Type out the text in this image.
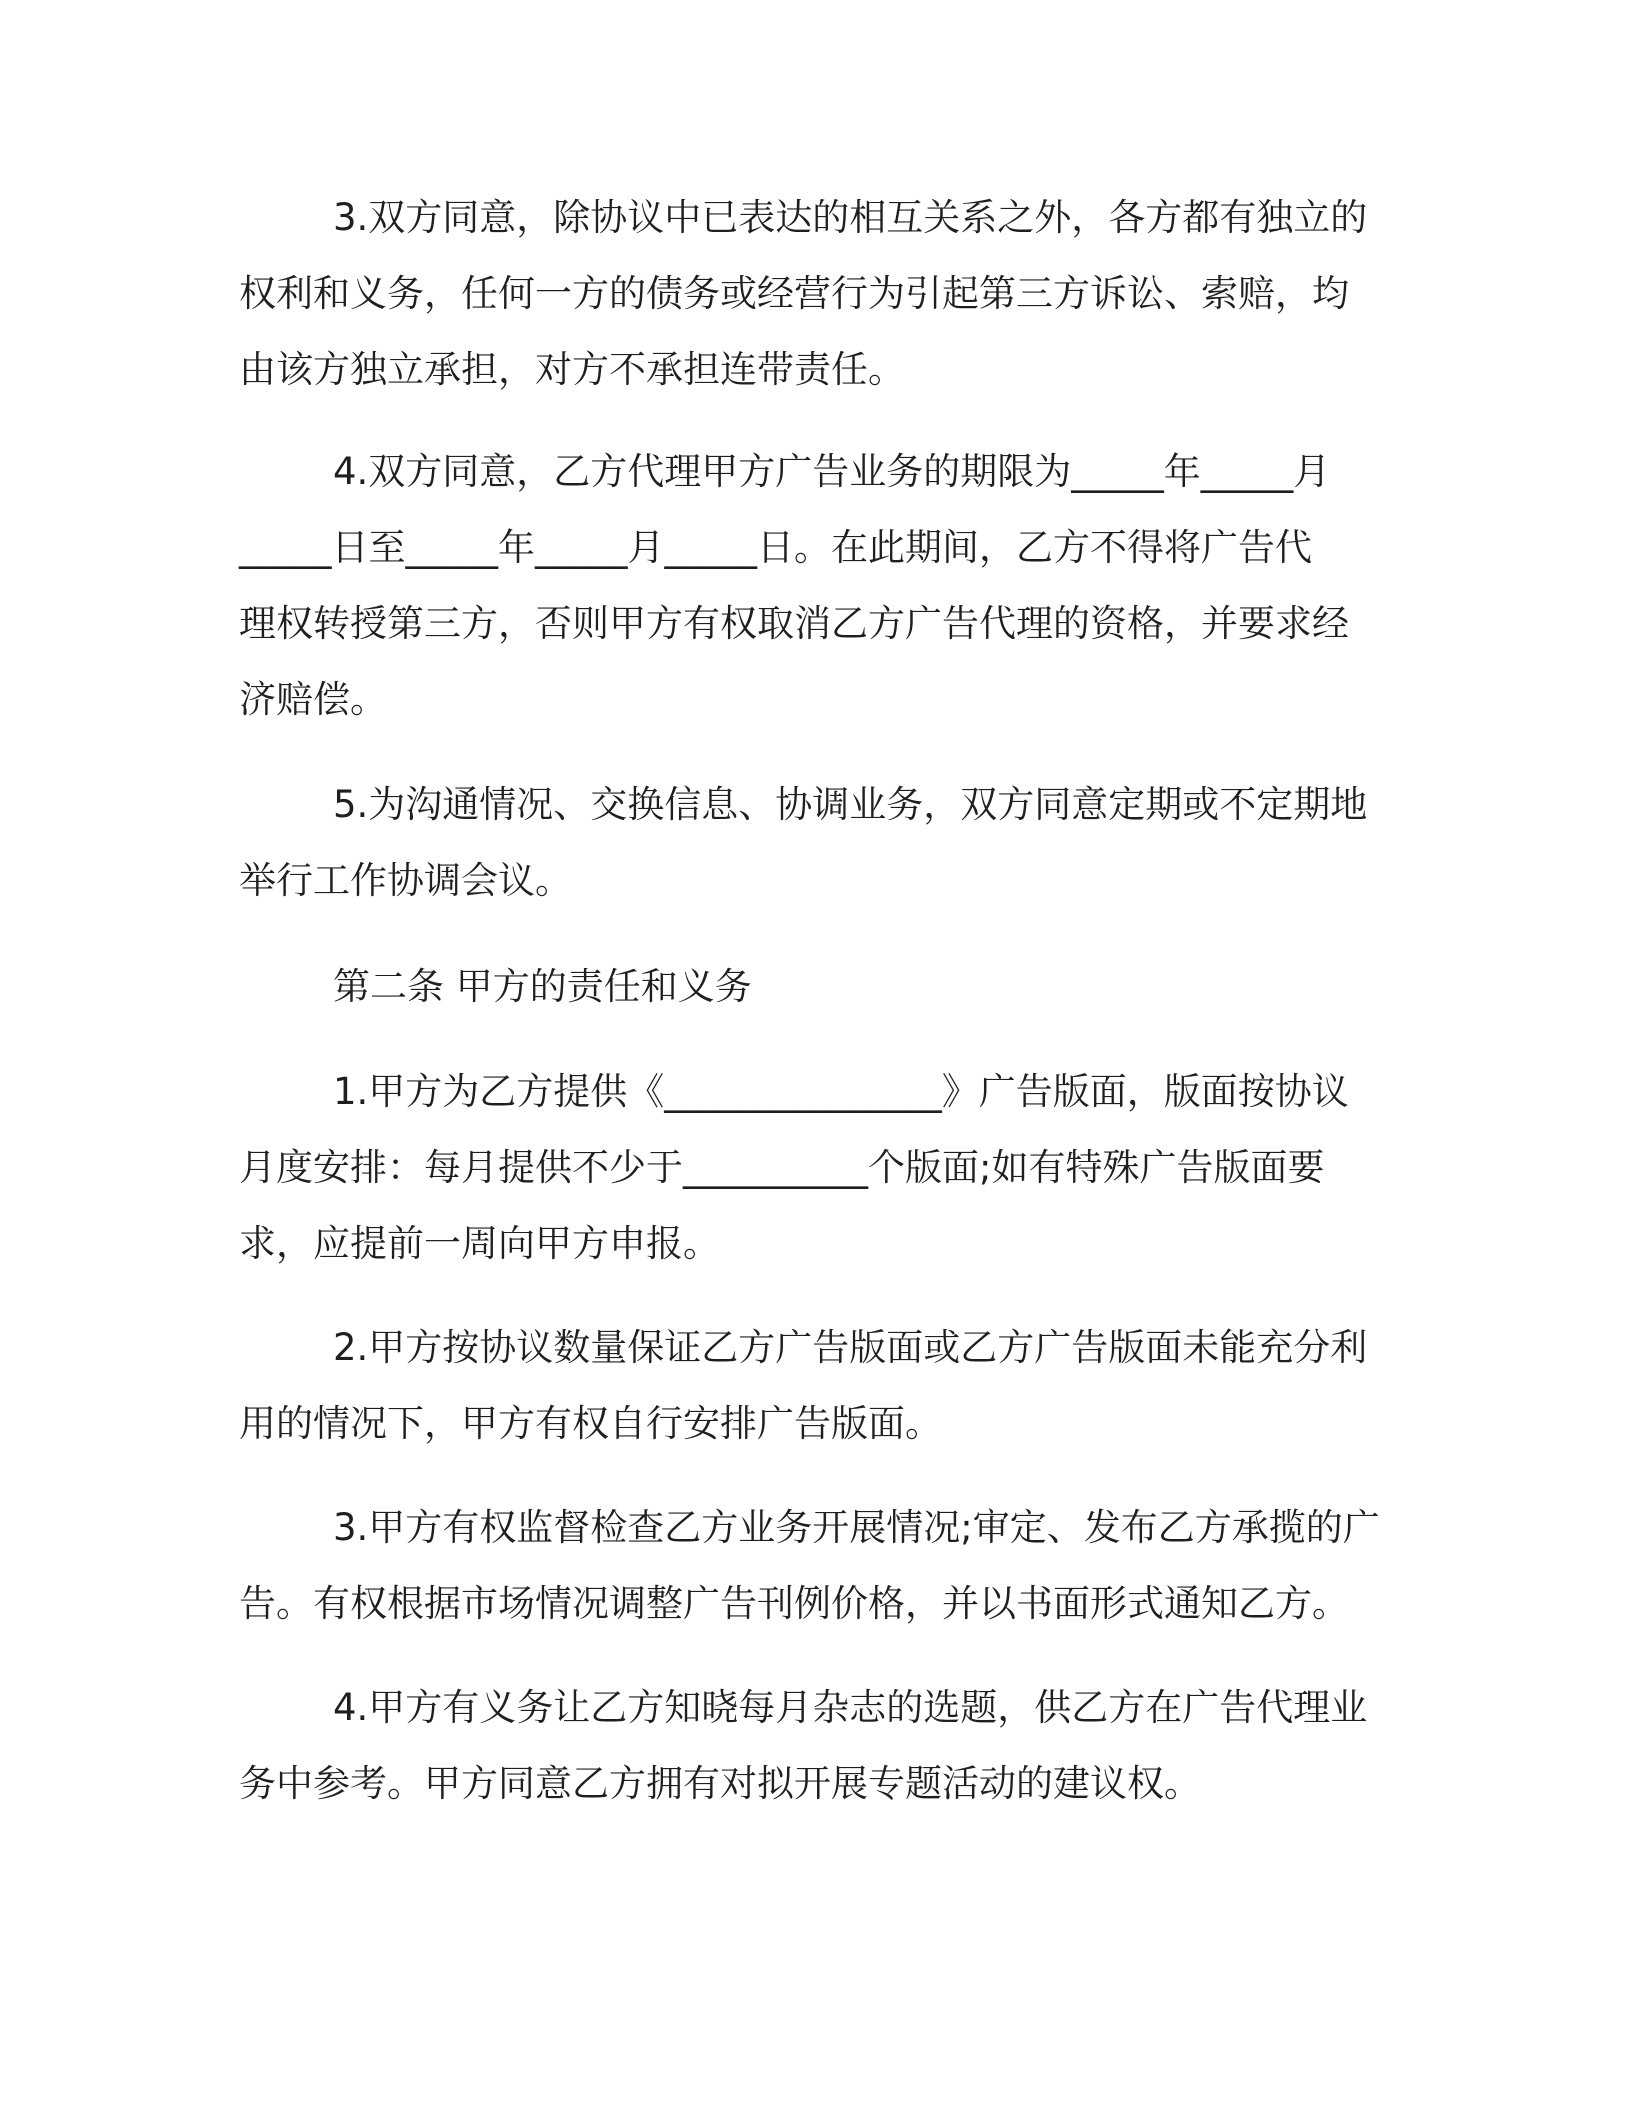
3.双方同意，除协议中已表达的相互关系之外，各方都有独立的
权利和义务，任何一方的债务或经营行为引起第三方诉讼、索赔，均
由该方独立承担，对方不承担连带责任。
4.双方同意，乙方代理甲方广告业务的期限为_____年_____月
_____日至_____年_____月_____日。在此期间，乙方不得将广告代
理权转授第三方，否则甲方有权取消乙方广告代理的资格，并要求经
济赔偿。
5.为沟通情况、交换信息、协调业务，双方同意定期或不定期地
举行工作协调会议。
第二条 甲方的责任和义务
1.甲方为乙方提供《_______________》广告版面，版面按协议
月度安排：每月提供不少于__________个版面;如有特殊广告版面要
求，应提前一周向甲方申报。
2.甲方按协议数量保证乙方广告版面或乙方广告版面未能充分利
用的情况下，甲方有权自行安排广告版面。
3.甲方有权监督检查乙方业务开展情况;审定、发布乙方承揽的广
告。有权根据市场情况调整广告刊例价格，并以书面形式通知乙方。
4.甲方有义务让乙方知晓每月杂志的选题，供乙方在广告代理业
务中参考。甲方同意乙方拥有对拟开展专题活动的建议权。
